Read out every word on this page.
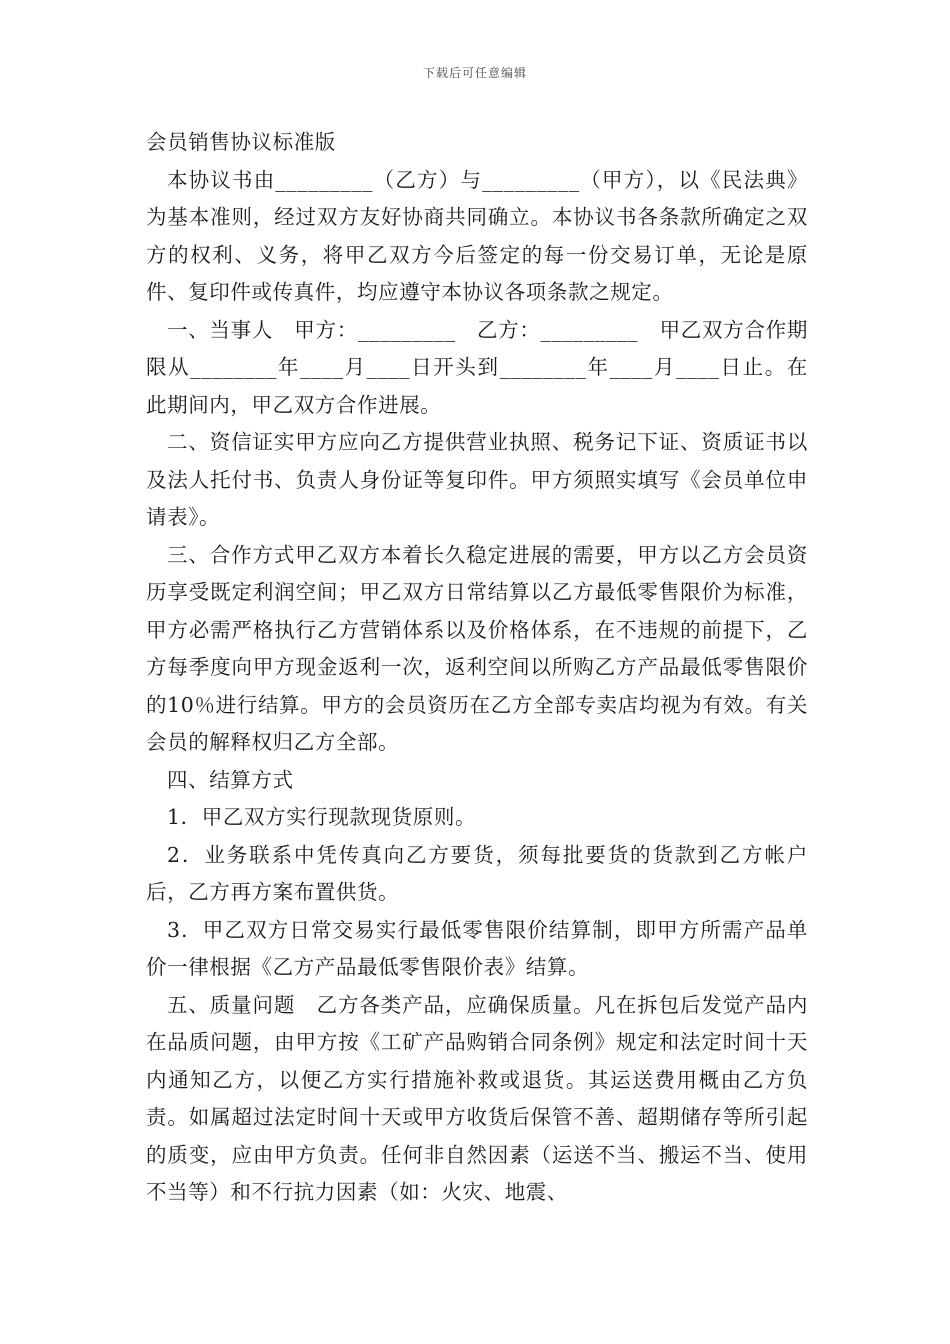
下载后可任意编辑
会员销售协议标准版

本协议书由_________（乙方）与_________（甲方），以《民法典》为基本准则，经过双方友好协商共同确立。本协议书各条款所确定之双方的权利、义务，将甲乙双方今后签定的每一份交易订单，无论是原件、复印件或传真件，均应遵守本协议各项条款之规定。

一、当事人　甲方：_________　乙方：_________　甲乙双方合作期限从________年____月____日开头到________年____月____日止。在此期间内，甲乙双方合作进展。

二、资信证实甲方应向乙方提供营业执照、税务记下证、资质证书以及法人托付书、负责人身份证等复印件。甲方须照实填写《会员单位申请表》。

三、合作方式甲乙双方本着长久稳定进展的需要，甲方以乙方会员资历享受既定利润空间；甲乙双方日常结算以乙方最低零售限价为标准，甲方必需严格执行乙方营销体系以及价格体系，在不违规的前提下，乙方每季度向甲方现金返利一次，返利空间以所购乙方产品最低零售限价的10％进行结算。甲方的会员资历在乙方全部专卖店均视为有效。有关会员的解释权归乙方全部。

四、结算方式

1．甲乙双方实行现款现货原则。

2．业务联系中凭传真向乙方要货，须每批要货的货款到乙方帐户后，乙方再方案布置供货。

3．甲乙双方日常交易实行最低零售限价结算制，即甲方所需产品单价一律根据《乙方产品最低零售限价表》结算。

五、质量问题　乙方各类产品，应确保质量。凡在拆包后发觉产品内在品质问题，由甲方按《工矿产品购销合同条例》规定和法定时间十天内通知乙方，以便乙方实行措施补救或退货。其运送费用概由乙方负责。如属超过法定时间十天或甲方收货后保管不善、超期储存等所引起的质变，应由甲方负责。任何非自然因素（运送不当、搬运不当、使用不当等）和不行抗力因素（如：火灾、地震、
